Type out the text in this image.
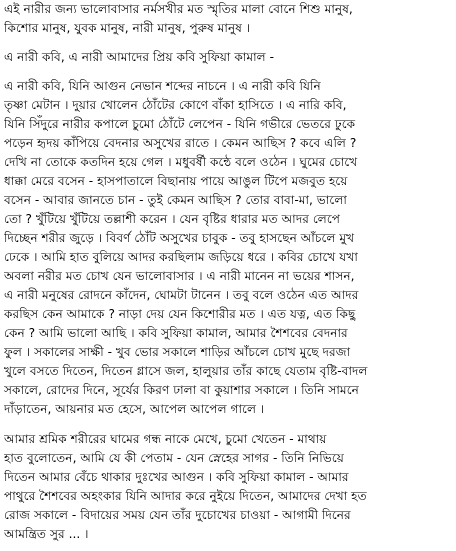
এই নারীর জন্য ভালোবাসার নর্মসখীর মত স্মৃতির মালা বোনে শিশু মানুষ,
কিশোর মানুষ, যুবক মানুষ, নারী মানুষ, পুরুষ মানুষ ।
এ নারী কবি, এ নারী আমাদের প্রিয় কবি সুফিয়া কামাল -
এ নারী কবি, যিনি আগুন নেভান শব্দের নাচনে । এ নারী কবি যিনি
তৃষ্ণা মেটান । দুয়ার খোলেন ঠোঁটের কোণে বাঁকা হাসিতে । এ নারি কবি,
যিনি সিঁদুরে নারীর কপালে চুমো ঠোঁটে লেপেন - যিনি গভীরে ভেতরে ঢুকে
পড়েন হৃদয় কাঁপিয়ে বেদনার অসুখের রাতে । কেমন আছিস ? কবে এলি ?
দেখি না তোকে কতদিন হয়ে গেল । মধুবর্ষী কন্ঠে বলে ওঠেন । ঘুমের চোখে
ধাক্কা মেরে বসেন - হাসপাতালে বিছানায় পায়ে আঙুল টিপে মজবুত হয়ে
বসেন - আবার জানতে চান - তুই কেমন আছিস ? তোর বাবা-মা, ভালো
তো ? খুঁটিয়ে খুঁটিয়ে তল্লাশী করেন । যেন বৃষ্টির ধারার মত আদর লেপে
দিচ্ছেন শরীর জুড়ে । বিবর্ণ ঠোঁট অসুখের চাবুক - তবু হাসছেন আঁচলে মুখ
ঢেকে । আমি হাত বুলিয়ে আদর করছিলাম জড়িয়ে ধরে । কবির চোখে যখা
অবলা নরীর মত চোখ যেন ভালোবাসার । এ নারী মানেন না ভয়ের শাসন,
এ নারী মনুষের রোদনে কাঁদেন, ঘোমটা টানেন । তবু বলে ওঠেন এত আদর
করছিস কেন আমাকে ? নাড়া দেয় যেন কিশোরীর মত । এত যত্ন, এত কিছু
কেন ? আমি ভালো আছি । কবি সুফিয়া কামাল, আমার শৈশবের বেদনার
ফুল । সকালের সাক্ষী - খুব ভোর সকালে শাড়ির আঁচলে চোখ মুছে দরজা
খুলে বসতে দিতেন, দিতেন গ্লাসে জল, হালুয়ার তাঁর কাছে যেতাম বৃষ্টি-বাদল
সকালে, রোদের দিনে, সূর্যের কিরণ ঢালা বা কুয়াশার সকালে । তিনি সামনে
দাঁড়াতেন, আয়নার মত হেসে, আপেল আপেল গালে ।
আমার শ্রমিক শরীরের ঘামের গন্ধ নাকে মেখে, চুমো খেতেন - মাথায়
হাত বুলোতেন, আমি যে কী পেতাম - যেন স্নেহের সাগর - তিনি নিভিয়ে
দিতেন আমার বেঁচে থাকার দুঃখের আগুন । কবি সুফিয়া কামাল - আমার
পাথুরে শৈশবের অহংকার যিনি আদার করে নুইয়ে দিতেন, আমাদের দেখা হত
রোজ সকালে - বিদায়ের সময় যেন তাঁর দুচোখের চাওয়া - আগামী দিনের
আমন্ত্রিত সুর ... ।
